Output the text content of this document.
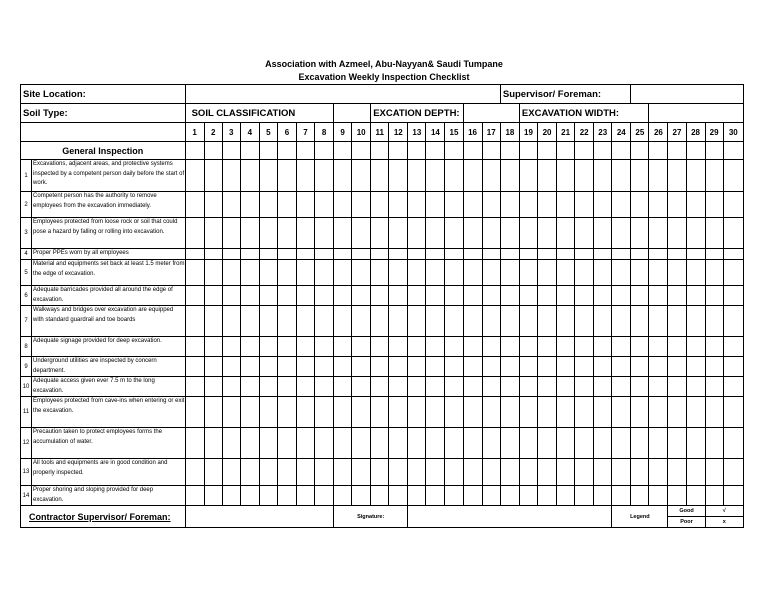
Association with Azmeel, Abu-Nayyan& Saudi Tumpane
Excavation Weekly Inspection Checklist
Site Location:																			Supervisor/ Foreman:												
Soil Type:		SOIL CLASSIFICATION										EXCATION DEPTH:								EXCAVATION WIDTH:											
		1	2	3	4	5	6	7	8	9	10	11	12	13	14	15	16	17	18	19	20	21	22	23	24	25	26	27	28	29	30
General Inspection																															
1	Excavations, adjacent areas, and protective systems inspected by a competent person daily before the start of work.																														
2	Competent person has the authority to remove employees from the excavation immediately.																														
3	Employees protected from loose rock or soil that could pose a hazard by falling or rolling into excavation.																														
4	Proper PPEs worn by all employees																														
5	Material and equipments set back at least 1.5 meter from the edge of excavation.																														
6	Adequate barricades provided all around the edge of excavation.																														
7	Walkways and bridges over excavation are equipped with standard guardrail and toe boards																														
8	Adequate signage provided for deep excavation.																														
9	Underground utilities are inspected by concern department.																														
10	Adequate access given ever 7.5 m to the long excavation.																														
11	Employees protected from cave-ins when entering or exit the excavation.																														
12	Precaution taken to protect employees forms the accumulation of water.																														
13	All tools and equipments are in good condition and properly inspected.																														
14	Proper shoring and sloping provided for deep excavation.																														
Contractor Supervisor/ Foreman:										Signature:															Legend			Good		√	
																												Poor		x	
